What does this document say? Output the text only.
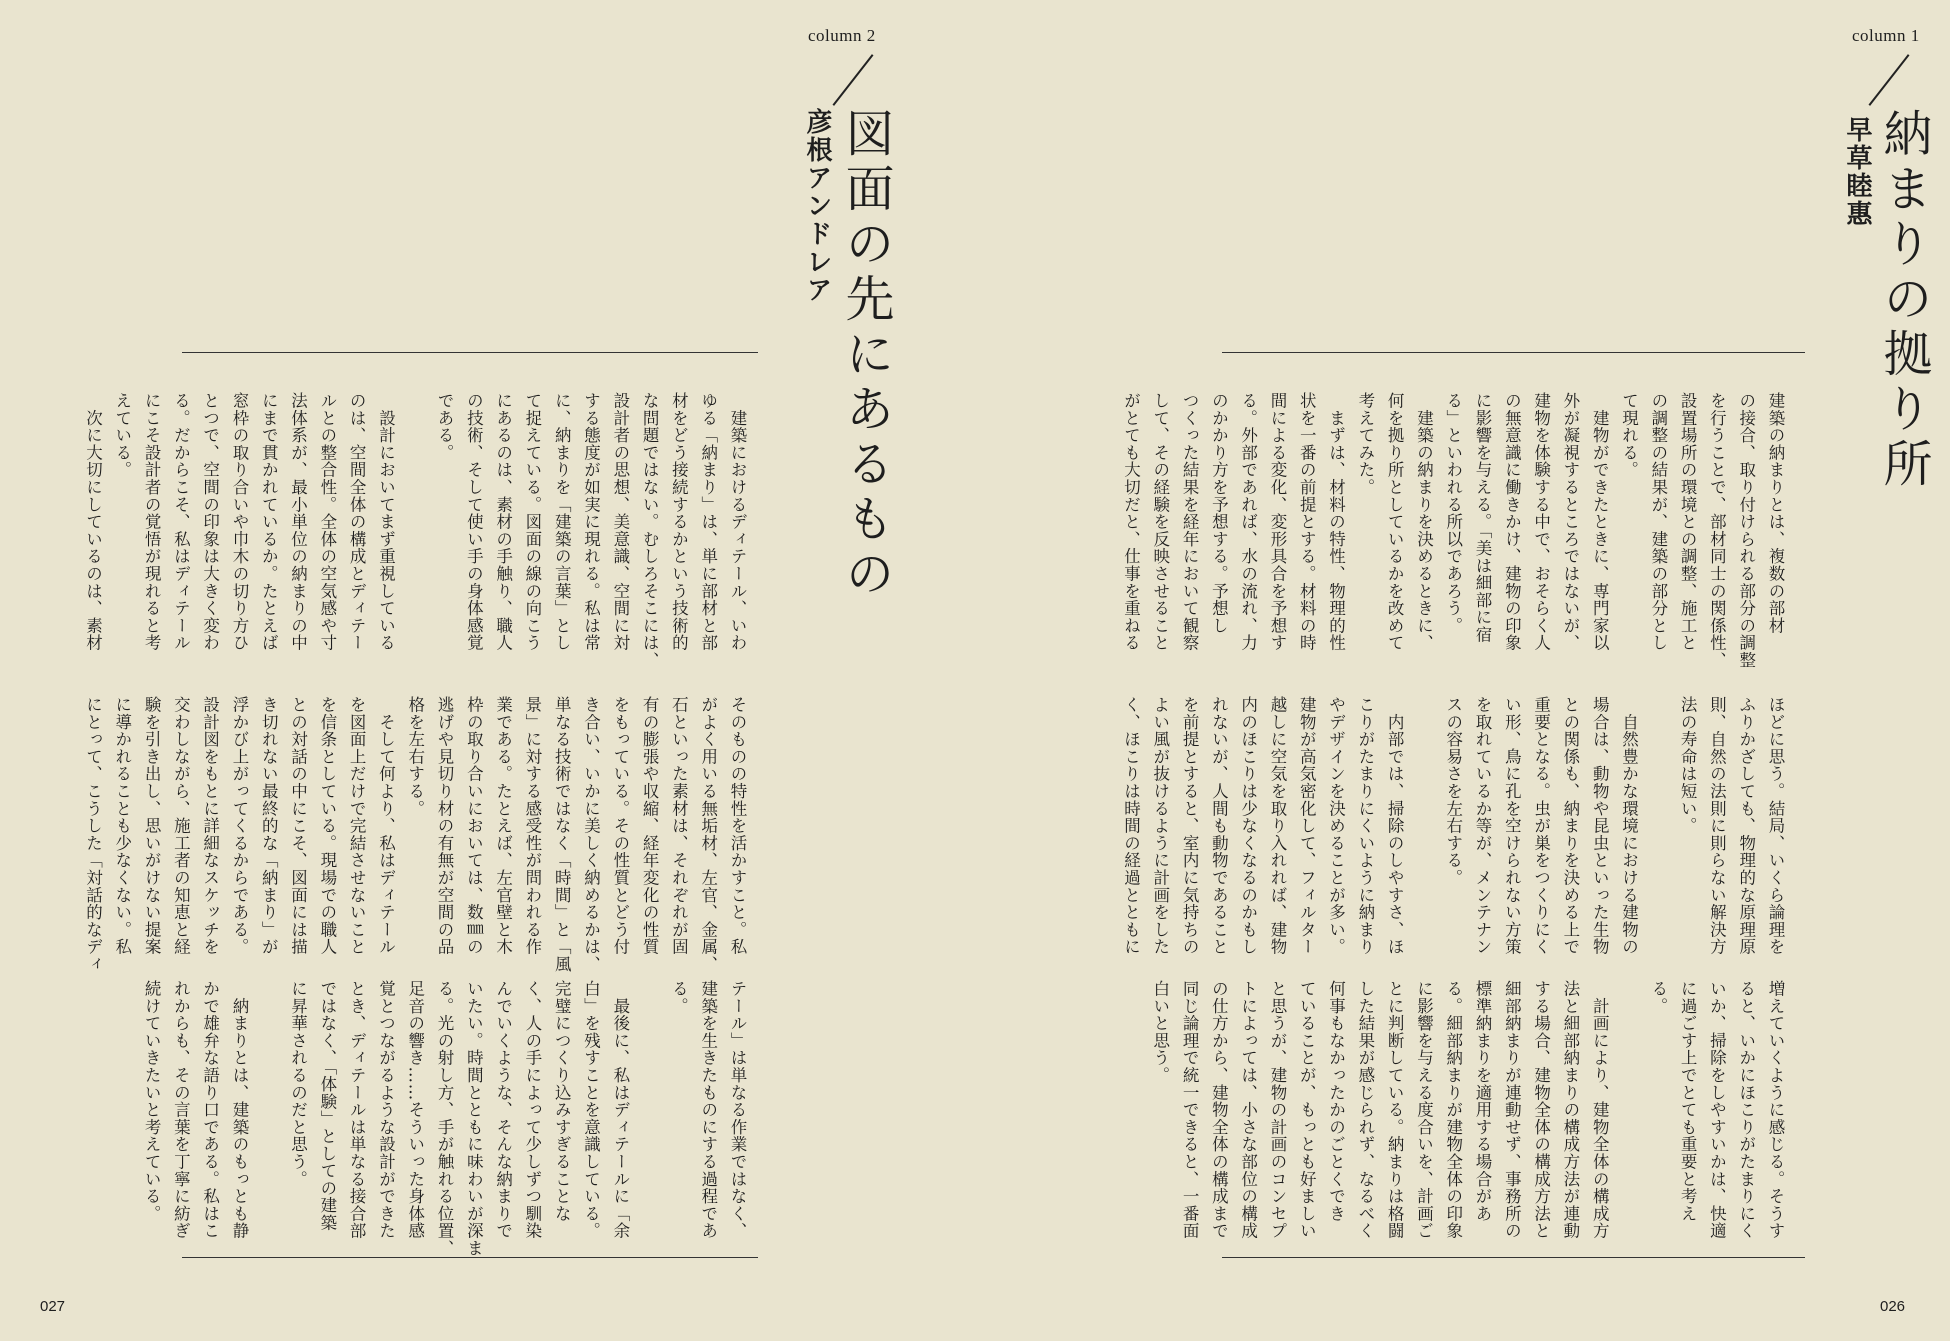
column 1
納まりの拠り所
早草睦惠
建築の納まりとは、複数の部材
の接合、取り付けられる部分の調整
を行うことで、部材同士の関係性、
設置場所の環境との調整、施工と
の調整の結果が、建築の部分とし
て現れる。
　建物ができたときに、専門家以
外が凝視するところではないが、
建物を体験する中で、おそらく人
の無意識に働きかけ、建物の印象
に影響を与える。「美は細部に宿
る」といわれる所以であろう。
　建築の納まりを決めるときに、
何を拠り所としているかを改めて
考えてみた。
　まずは、材料の特性、物理的性
状を一番の前提とする。材料の時
間による変化、変形具合を予想す
る。外部であれば、水の流れ、力
のかかり方を予想する。予想し
つくった結果を経年において観察
して、その経験を反映させること
がとても大切だと、仕事を重ねる
ほどに思う。結局、いくら論理を
ふりかざしても、物理的な原理原
則、自然の法則に則らない解決方
法の寿命は短い。

　自然豊かな環境における建物の
場合は、動物や昆虫といった生物
との関係も、納まりを決める上で
重要となる。虫が巣をつくりにく
い形、鳥に孔を空けられない方策
を取れているか等が、メンテナン
スの容易さを左右する。

　内部では、掃除のしやすさ、ほ
こりがたまりにくいように納まり
やデザインを決めることが多い。
建物が高気密化して、フィルター
越しに空気を取り入れれば、建物
内のほこりは少なくなるのかもし
れないが、人間も動物であること
を前提とすると、室内に気持ちの
よい風が抜けるように計画をした
く、ほこりは時間の経過とともに
増えていくように感じる。そうす
ると、いかにほこりがたまりにく
いか、掃除をしやすいかは、快適
に過ごす上でとても重要と考え
る。

　計画により、建物全体の構成方
法と細部納まりの構成方法が連動
する場合、建物全体の構成方法と
細部納まりが連動せず、事務所の
標準納まりを適用する場合があ
る。細部納まりが建物全体の印象
に影響を与える度合いを、計画ご
とに判断している。納まりは格闘
した結果が感じられず、なるべく
何事もなかったかのごとくでき
ていることが、もっとも好ましい
と思うが、建物の計画のコンセプ
トによっては、小さな部位の構成
の仕方から、建物全体の構成まで
同じ論理で統一できると、一番面
白いと思う。
026
column 2
図面の先にあるもの
彦根アンドレア
　建築におけるディテール、いわ
ゆる「納まり」は、単に部材と部
材をどう接続するかという技術的
な問題ではない。むしろそこには、
設計者の思想、美意識、空間に対
する態度が如実に現れる。私は常
に、納まりを「建築の言葉」とし
て捉えている。図面の線の向こう
にあるのは、素材の手触り、職人
の技術、そして使い手の身体感覚
である。

　設計においてまず重視している
のは、空間全体の構成とディテー
ルとの整合性。全体の空気感や寸
法体系が、最小単位の納まりの中
にまで貫かれているか。たとえば
窓枠の取り合いや巾木の切り方ひ
とつで、空間の印象は大きく変わ
る。だからこそ、私はディテール
にこそ設計者の覚悟が現れると考
えている。
　次に大切にしているのは、素材
そのものの特性を活かすこと。私
がよく用いる無垢材、左官、金属、
石といった素材は、それぞれが固
有の膨張や収縮、経年変化の性質
をもっている。その性質とどう付
き合い、いかに美しく納めるかは、
単なる技術ではなく「時間」と「風
景」に対する感受性が問われる作
業である。たとえば、左官壁と木
枠の取り合いにおいては、数㎜の
逃げや見切り材の有無が空間の品
格を左右する。
　そして何より、私はディテール
を図面上だけで完結させないこと
を信条としている。現場での職人
との対話の中にこそ、図面には描
き切れない最終的な「納まり」が
浮かび上がってくるからである。
設計図をもとに詳細なスケッチを
交わしながら、施工者の知恵と経
験を引き出し、思いがけない提案
に導かれることも少なくない。私
にとって、こうした「対話的なディ
テール」は単なる作業ではなく、
建築を生きたものにする過程であ
る。

　最後に、私はディテールに「余
白」を残すことを意識している。
完璧につくり込みすぎることな
く、人の手によって少しずつ馴染
んでいくような、そんな納まりで
いたい。時間とともに味わいが深ま
る。光の射し方、手が触れる位置、
足音の響き……そういった身体感
覚とつながるような設計ができた
とき、ディテールは単なる接合部
ではなく、「体験」としての建築
に昇華されるのだと思う。

　納まりとは、建築のもっとも静
かで雄弁な語り口である。私はこ
れからも、その言葉を丁寧に紡ぎ
続けていきたいと考えている。
027
